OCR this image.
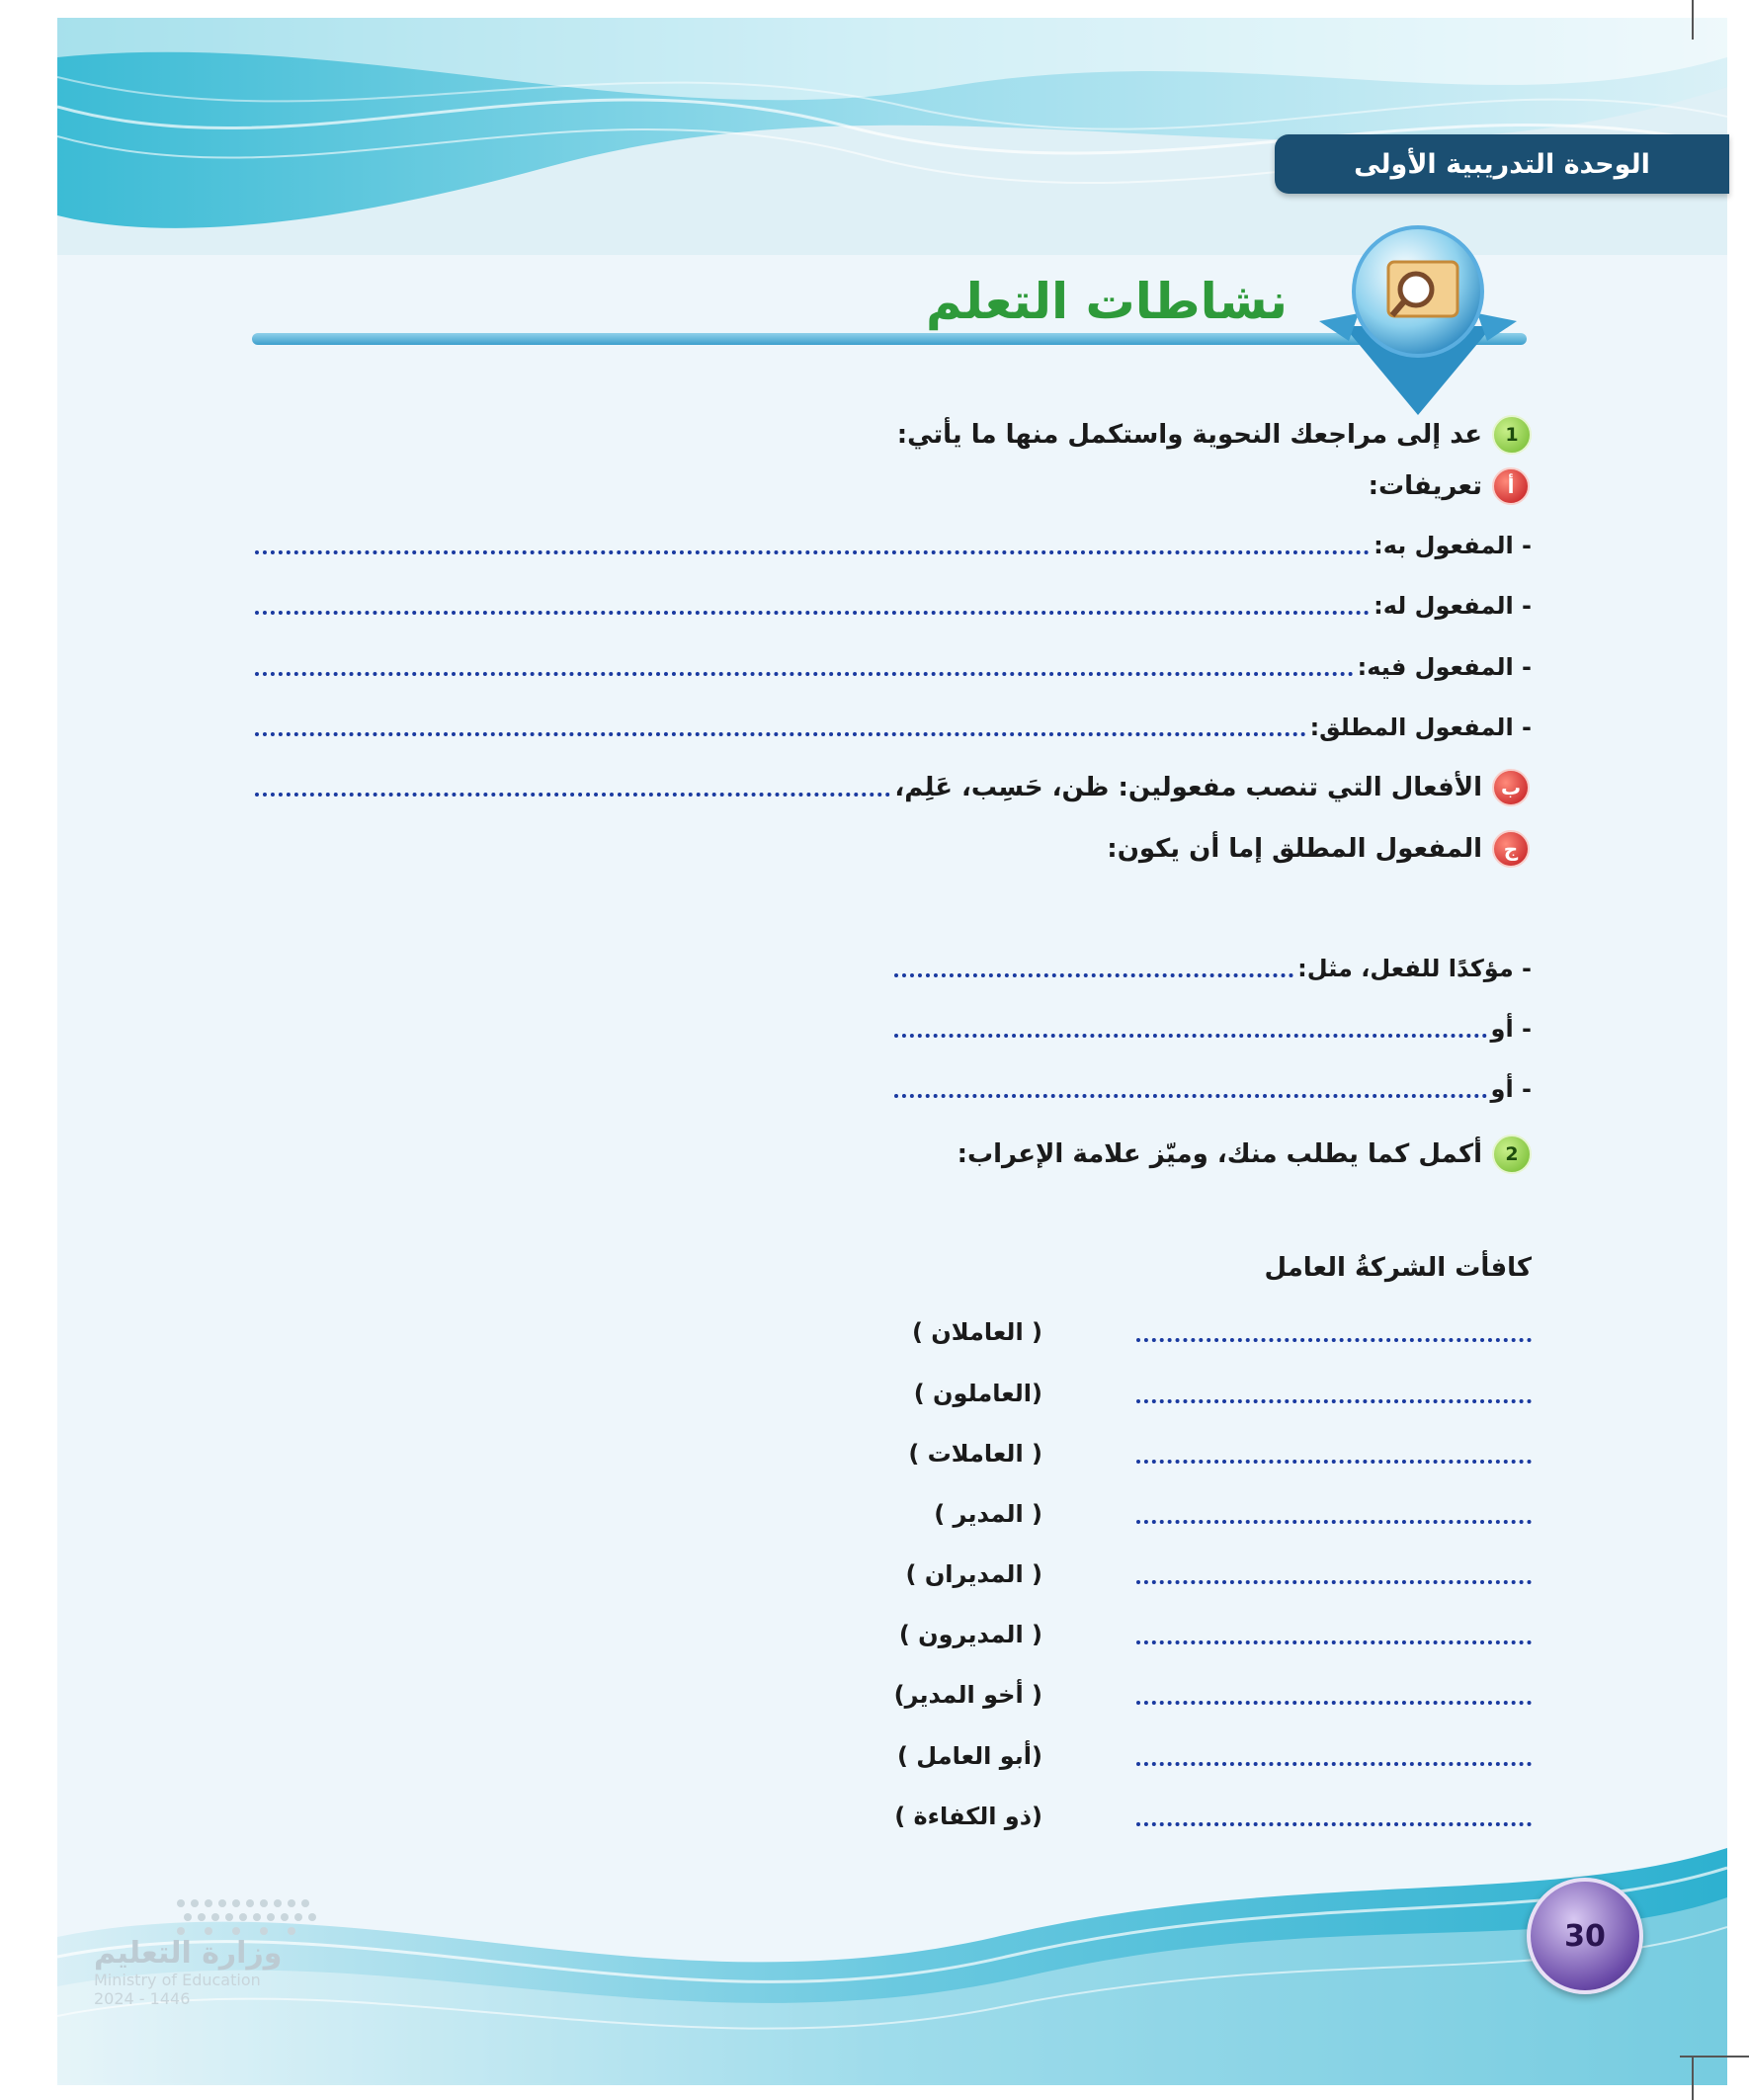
الوحدة التدريبية الأولى
نشاطات التعلم
1
عد إلى مراجعك النحوية واستكمل منها ما يأتي:
أ
تعريفات:
- المفعول به:
- المفعول له:
- المفعول فيه:
- المفعول المطلق:
ب
الأفعال التي تنصب مفعولين: ظن، حَسِب، عَلِم،
ج
المفعول المطلق إما أن يكون:
- مؤكدًا للفعل، مثل:
- أو
- أو
2
أكمل كما يطلب منك، وميّز علامة الإعراب:
كافأت الشركةُ العامل
( العاملان )
(العاملون )
( العاملات )
( المدير )
( المديران )
( المديرون )
( أخو المدير)
(أبو العامل )
(ذو الكفاءة )
30
وزارة التعليم
Ministry of Education
2024 - 1446
